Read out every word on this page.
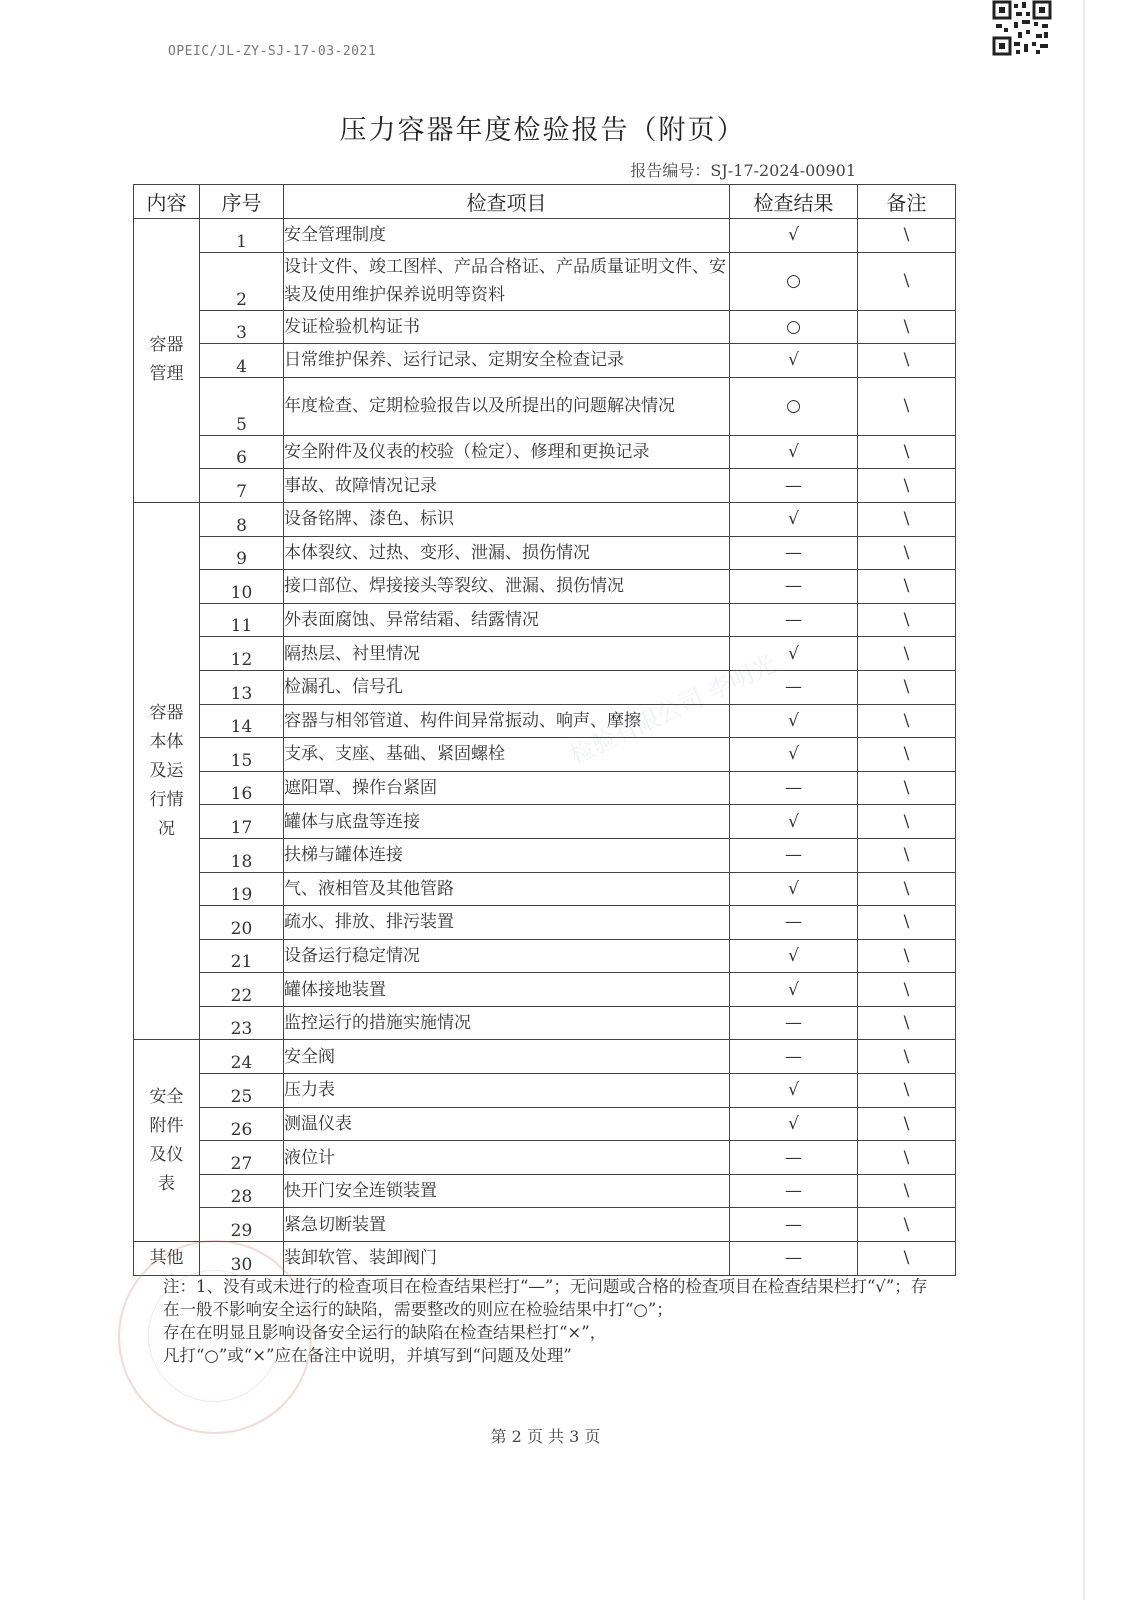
OPEIC/JL-ZY-SJ-17-03-2021
压力容器年度检验报告（附页）
报告编号：SJ-17-2024-00901
内容	序号	检查项目	检查结果	备注

容器管理	1	安全管理制度	√	\
	2	设计文件、竣工图样、产品合格证、产品质量证明文件、安装及使用维护保养说明等资料	○	\
	3	发证检验机构证书	○	\
	4	日常维护保养、运行记录、定期安全检查记录	√	\
	5	年度检查、定期检验报告以及所提出的问题解决情况	○	\
	6	安全附件及仪表的校验（检定）、修理和更换记录	√	\
	7	事故、故障情况记录	—	\

容器本体及运行情况	8	设备铭牌、漆色、标识	√	\
	9	本体裂纹、过热、变形、泄漏、损伤情况	—	\
	10	接口部位、焊接接头等裂纹、泄漏、损伤情况	—	\
	11	外表面腐蚀、异常结霜、结露情况	—	\
	12	隔热层、衬里情况	√	\
	13	检漏孔、信号孔	—	\
	14	容器与相邻管道、构件间异常振动、响声、摩擦	√	\
	15	支承、支座、基础、紧固螺栓	√	\
	16	遮阳罩、操作台紧固	—	\
	17	罐体与底盘等连接	√	\
	18	扶梯与罐体连接	—	\
	19	气、液相管及其他管路	√	\
	20	疏水、排放、排污装置	—	\
	21	设备运行稳定情况	√	\
	22	罐体接地装置	√	\
	23	监控运行的措施实施情况	—	\

安全附件及仪表	24	安全阀	—	\
	25	压力表	√	\
	26	测温仪表	√	\
	27	液位计	—	\
	28	快开门安全连锁装置	—	\
	29	紧急切断装置	—	\
其他	30	装卸软管、装卸阀门	—	\
检验有限公司 李明光
注：1、没有或未进行的检查项目在检查结果栏打“—”；无问题或合格的检查项目在检查结果栏打“√”；存在一般不影响安全运行的缺陷，需要整改的则应在检验结果中打“○”；
存在在明显且影响设备安全运行的缺陷在检查结果栏打“×”，
凡打“○”或“×”应在备注中说明，并填写到“问题及处理”
第 2 页 共 3 页
